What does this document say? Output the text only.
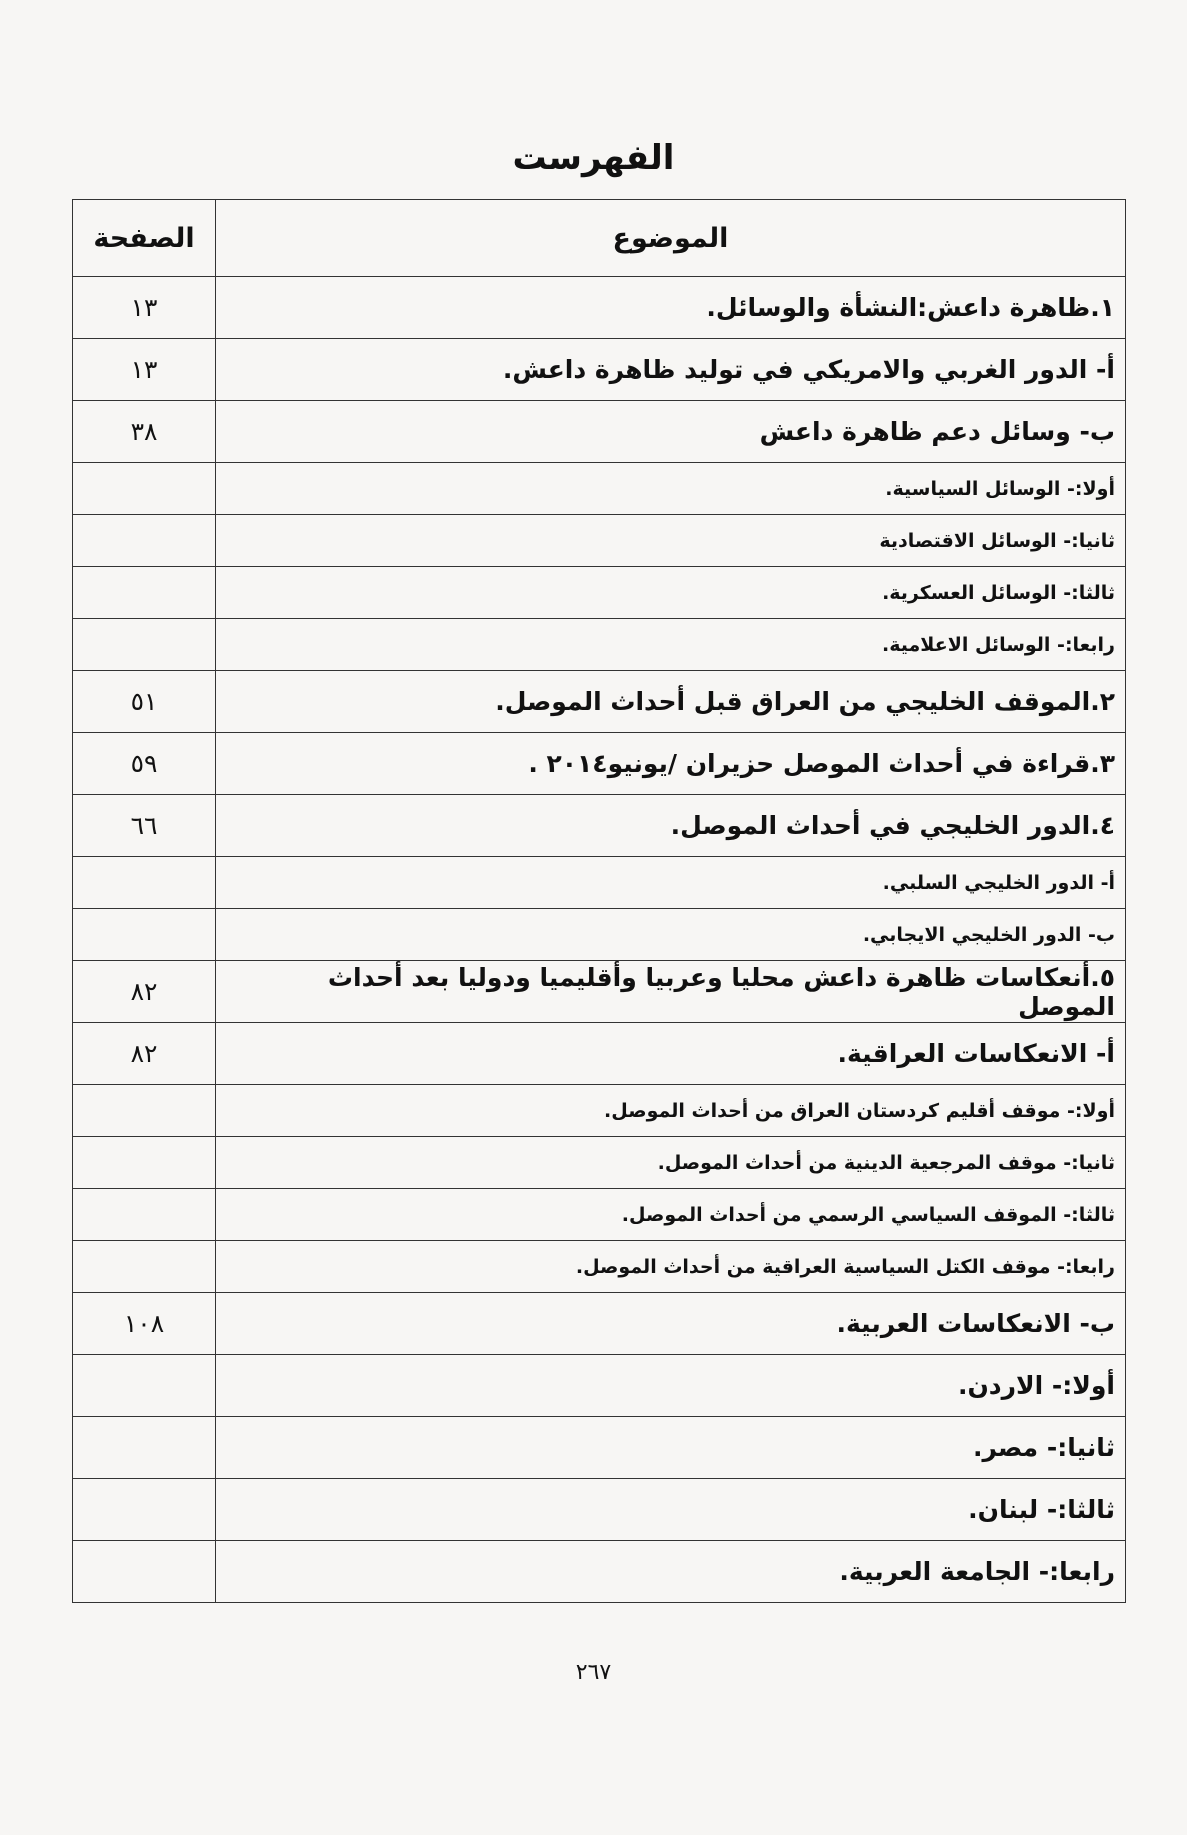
الفهرست
الموضوع	الصفحة
١.ظاهرة داعش:النشأة والوسائل.	١٣
أ- الدور الغربي والامريكي في توليد ظاهرة داعش.	١٣
ب- وسائل دعم ظاهرة داعش	٣٨
أولا:- الوسائل السياسية.	
ثانيا:- الوسائل الاقتصادية	
ثالثا:- الوسائل العسكرية.	
رابعا:- الوسائل الاعلامية.	
٢.الموقف الخليجي من العراق قبل أحداث الموصل.	٥١
٣.قراءة في أحداث الموصل حزيران /يونيو٢٠١٤ .	٥٩
٤.الدور الخليجي في أحداث الموصل.	٦٦
أ- الدور الخليجي السلبي.	
ب- الدور الخليجي الايجابي.	
٥.أنعكاسات ظاهرة داعش محليا وعربيا وأقليميا ودوليا بعد أحداث الموصل	٨٢
أ- الانعكاسات العراقية.	٨٢
أولا:- موقف أقليم كردستان العراق من أحداث الموصل.	
ثانيا:- موقف المرجعية الدينية من أحداث الموصل.	
ثالثا:- الموقف السياسي الرسمي من أحداث الموصل.	
رابعا:- موقف الكتل السياسية العراقية من أحداث الموصل.	
ب- الانعكاسات العربية.	١٠٨
أولا:- الاردن.	
ثانيا:- مصر.	
ثالثا:- لبنان.	
رابعا:- الجامعة العربية.	
٢٦٧
